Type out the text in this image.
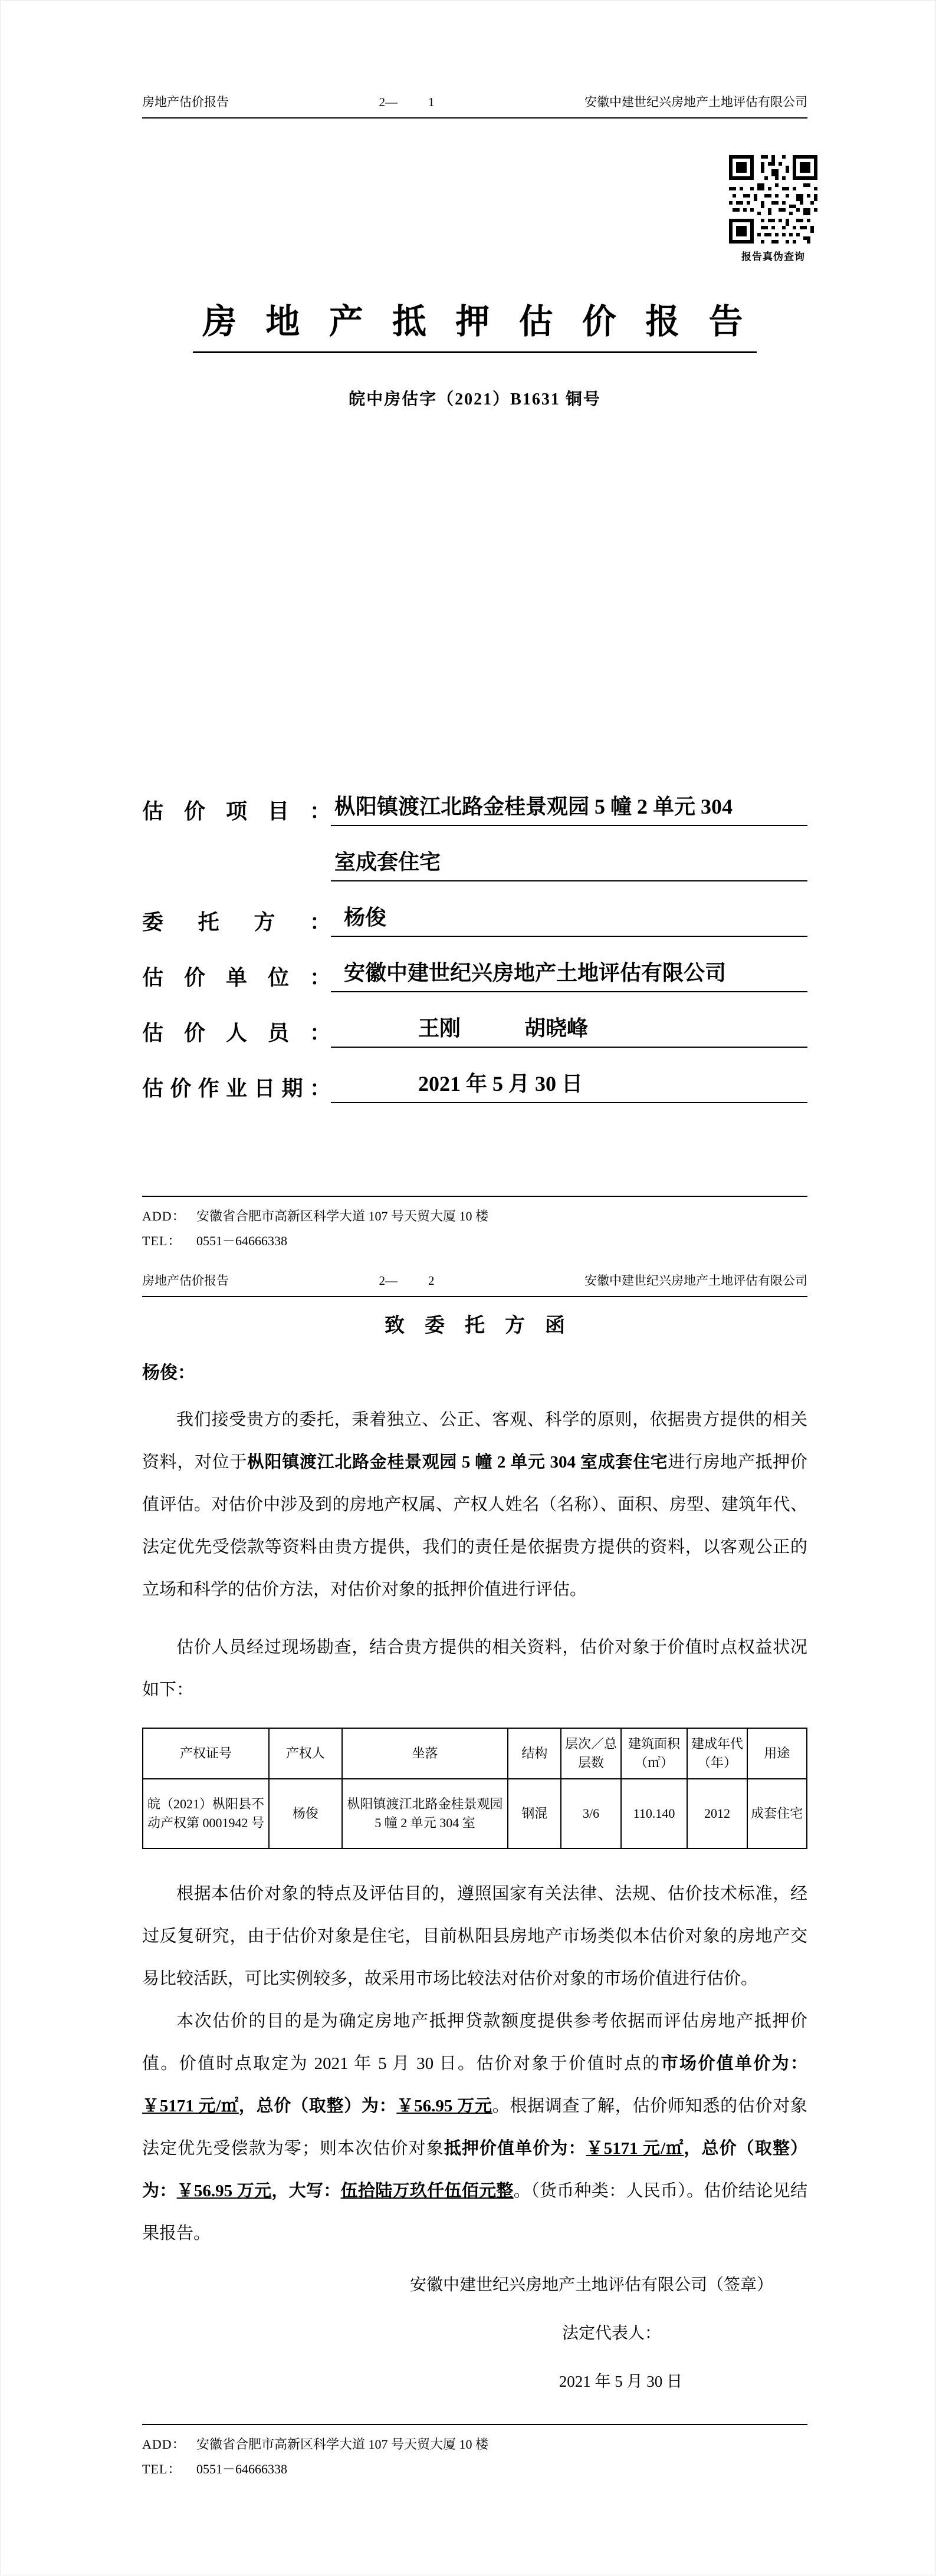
房地产估价报告	2— 1	安徽中建世纪兴房地产土地评估有限公司
报告真伪查询
房 地 产 抵 押 估 价 报 告
皖中房估字（2021）B1631 铜号
估价项目： 枞阳镇渡江北路金桂景观园 5 幢 2 单元 304
室成套住宅
委托方： 杨俊
估价单位： 安徽中建世纪兴房地产土地评估有限公司
估价人员：	王刚　　　胡晓峰
估价作业日期：	2021 年 5 月 30 日
ADD： 安徽省合肥市高新区科学大道 107 号天贸大厦 10 楼
TEL：	0551－64666338
房地产估价报告	2— 2	安徽中建世纪兴房地产土地评估有限公司
致　委　托　方　函
杨俊：

我们接受贵方的委托，秉着独立、公正、客观、科学的原则，依据贵方提供的相关资料，对位于枞阳镇渡江北路金桂景观园 5 幢 2 单元 304 室成套住宅进行房地产抵押价值评估。对估价中涉及到的房地产权属、产权人姓名（名称）、面积、房型、建筑年代、法定优先受偿款等资料由贵方提供，我们的责任是依据贵方提供的资料，以客观公正的立场和科学的估价方法，对估价对象的抵押价值进行评估。

估价人员经过现场勘查，结合贵方提供的相关资料，估价对象于价值时点权益状况如下：

产权证号	产权人	坐落	结构	层次／总层数	建筑面积（㎡）	建成年代（年）	用途
皖（2021）枞阳县不动产权第 0001942 号	杨俊	枞阳镇渡江北路金桂景观园 5 幢 2 单元 304 室	钢混	3/6	110.140	2012	成套住宅

根据本估价对象的特点及评估目的，遵照国家有关法律、法规、估价技术标准，经过反复研究，由于估价对象是住宅，目前枞阳县房地产市场类似本估价对象的房地产交易比较活跃，可比实例较多，故采用市场比较法对估价对象的市场价值进行估价。

本次估价的目的是为确定房地产抵押贷款额度提供参考依据而评估房地产抵押价值。价值时点取定为 2021 年 5 月 30 日。估价对象于价值时点的市场价值单价为：￥5171 元/㎡，总价（取整）为：￥56.95 万元。根据调查了解，估价师知悉的估价对象法定优先受偿款为零；则本次估价对象抵押价值单价为：￥5171 元/㎡，总价（取整）为：￥56.95 万元，大写：伍拾陆万玖仟伍佰元整。（货币种类：人民币）。估价结论见结果报告。

安徽中建世纪兴房地产土地评估有限公司（签章）
法定代表人：
2021 年 5 月 30 日
ADD： 安徽省合肥市高新区科学大道 107 号天贸大厦 10 楼
TEL：	0551－64666338
